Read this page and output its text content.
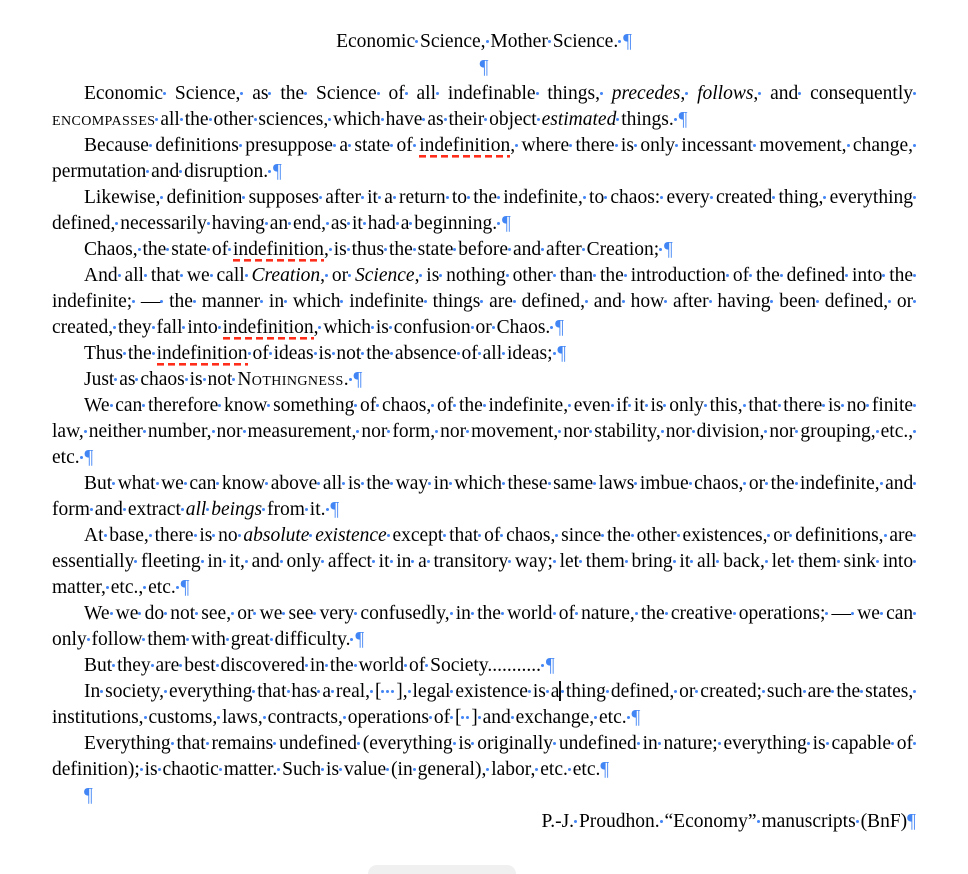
Economic Science, Mother Science. ¶
¶
Economic Science, as the Science of all indefinable things, precedes, follows, and consequently encompasses all the other sciences, which have as their object estimated things. ¶
Because definitions presuppose a state of indefinition, where there is only incessant movement, change, permutation and disruption. ¶
Likewise, definition supposes after it a return to the indefinite, to chaos: every created thing, everything defined, necessarily having an end, as it had a beginning. ¶
Chaos, the state of indefinition, is thus the state before and after Creation; ¶
And all that we call Creation, or Science, is nothing other than the introduction of the defined into the indefinite; — the manner in which indefinite things are defined, and how after having been defined, or created, they fall into indefinition, which is confusion or Chaos. ¶
Thus the indefinition of ideas is not the absence of all ideas; ¶
Just as chaos is not Nothingness. ¶
We can therefore know something of chaos, of the indefinite, even if it is only this, that there is no finite law, neither number, nor measurement, nor form, nor movement, nor stability, nor division, nor grouping, etc., etc. ¶
But what we can know above all is the way in which these same laws imbue chaos, or the indefinite, and form and extract all beings from it. ¶
At base, there is no absolute existence except that of chaos, since the other existences, or definitions, are essentially fleeting in it, and only affect it in a transitory way; let them bring it all back, let them sink into matter, etc., etc. ¶
We we do not see, or we see very confusedly, in the world of nature, the creative operations; — we can only follow them with great difficulty. ¶
But they are best discovered in the world of Society........... ¶
In society, everything that has a real, [ ], legal existence is a thing defined, or created; such are the states, institutions, customs, laws, contracts, operations of [ ] and exchange, etc. ¶
Everything that remains undefined (everything is originally undefined in nature; everything is capable of definition); is chaotic matter. Such is value (in general), labor, etc. etc.¶
¶
P.-J. Proudhon. “Economy” manuscripts (BnF)¶
